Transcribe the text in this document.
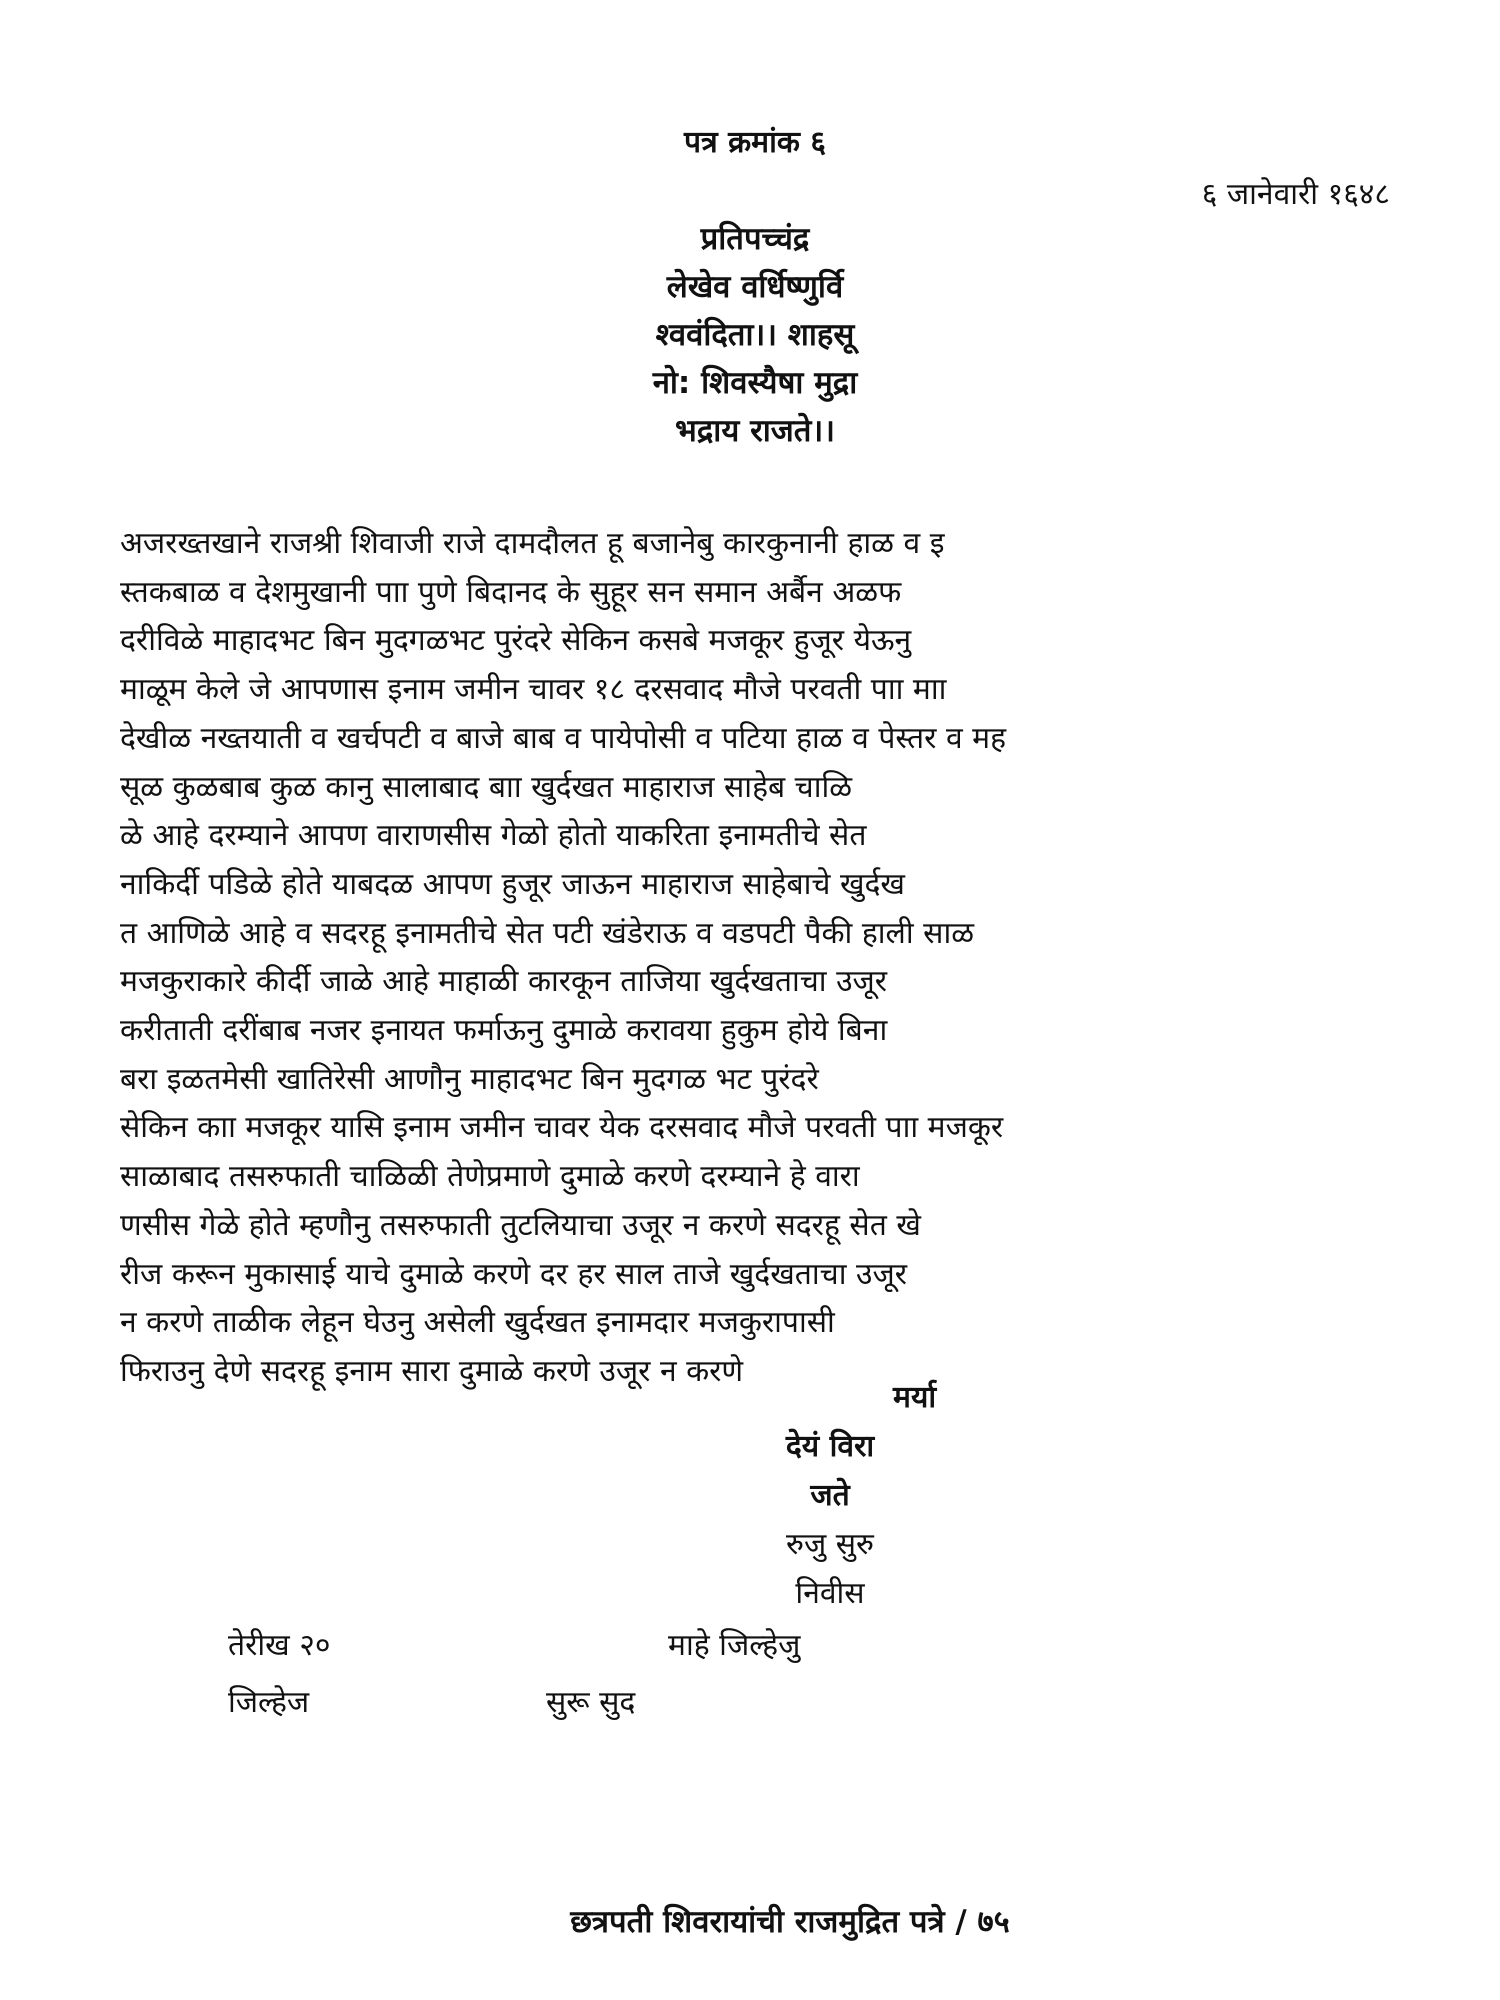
पत्र क्रमांक ६
६ जानेवारी १६४८
प्रतिपच्चंद्र
लेखेव वर्धिष्णुर्वि
श्ववंदिता।। शाहसू
नो: शिवस्यैषा मुद्रा
भद्राय राजते।।
अजरख्तखाने राजश्री शिवाजी राजे दामदौलत हू बजानेबु कारकुनानी हाळ व इ
स्तकबाळ व देशमुखानी पाा पुणे बिदानद के सुहूर सन समान अर्बैन अळफ
दरीविळे माहादभट बिन मुदगळभट पुरंदरे सेकिन कसबे मजकूर हुजूर येऊनु
माळूम केले जे आपणास इनाम जमीन चावर १८ दरसवाद मौजे परवती पाा माा
देखीळ नख्तयाती व खर्चपटी व बाजे बाब व पायेपोसी व पटिया हाळ व पेस्तर व मह
सूळ कुळबाब कुळ कानु सालाबाद बाा खुर्दखत माहाराज साहेब चाळि
ळे आहे दरम्याने आपण वाराणसीस गेळो होतो याकरिता इनामतीचे सेत
नाकिर्दी पडिळे होते याबदळ आपण हुजूर जाऊन माहाराज साहेबाचे खुर्दख
त आणिळे आहे व सदरहू इनामतीचे सेत पटी खंडेराऊ व वडपटी पैकी हाली साळ
मजकुराकारे कीर्दी जाळे आहे माहाळी कारकून ताजिया खुर्दखताचा उजूर
करीताती दरींबाब नजर इनायत फर्माऊनु दुमाळे करावया हुकुम होये बिना
बरा इळतमेसी खातिरेसी आणौनु माहादभट बिन मुदगळ भट पुरंदरे
सेकिन काा मजकूर यासि इनाम जमीन चावर येक दरसवाद मौजे परवती पाा मजकूर
साळाबाद तसरुफाती चाळिळी तेणेप्रमाणे दुमाळे करणे दरम्याने हे वारा
णसीस गेळे होते म्हणौनु तसरुफाती तुटलियाचा उजूर न करणे सदरहू सेत खे
रीज करून मुकासाई याचे दुमाळे करणे दर हर साल ताजे खुर्दखताचा उजूर
न करणे ताळीक लेहून घेउनु असेली खुर्दखत इनामदार मजकुरापासी
फिराउनु देणे सदरहू इनाम सारा दुमाळे करणे उजूर न करणे
मर्या
देयं विरा
जते
रुजु सुरु
निवीस
तेरीख २०	माहे जिल्हेजु
जिल्हेज	सुरू सुद
छत्रपती शिवरायांची राजमुद्रित पत्रे / ७५
